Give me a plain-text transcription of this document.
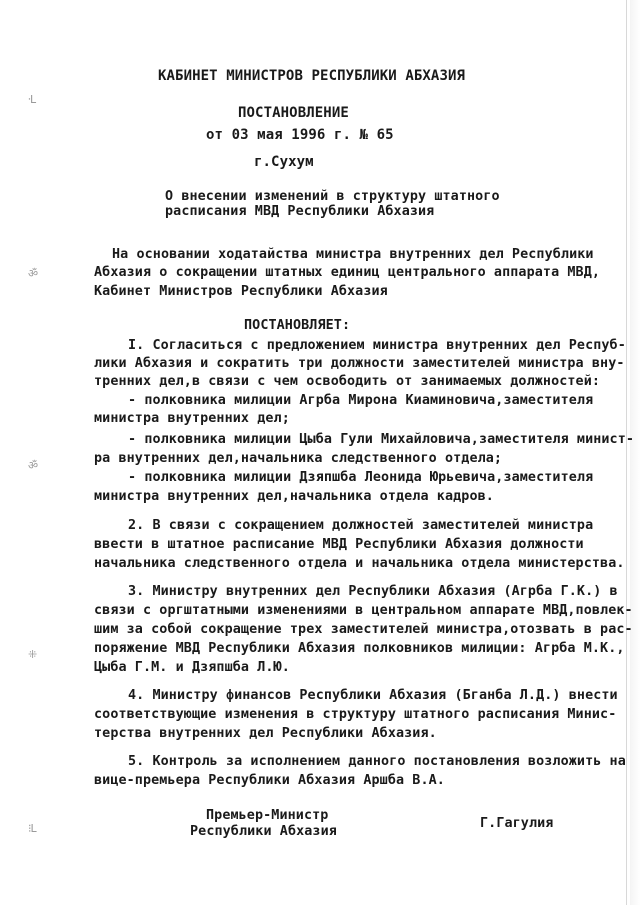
⸱ᒪ
ॐ
ॐ
⁜
⁝ᒪ
КАБИНЕТ МИНИСТРОВ РЕСПУБЛИКИ АБХАЗИЯ
ПОСТАНОВЛЕНИЕ
от 03 мая 1996 г. № 65
г.Сухум
О внесении изменений в структуру штатного
расписания МВД Республики Абхазия
На основании ходатайства министра внутренних дел Республики
Абхазия о сокращении штатных единиц центрального аппарата МВД,
Кабинет Министров Республики Абхазия
ПОСТАНОВЛЯЕТ:
I. Согласиться с предложением министра внутренних дел Респуб-
лики Абхазия и сократить три должности заместителей министра вну-
тренних дел,в связи с чем освободить от занимаемых должностей:
- полковника милиции Агрба Мирона Киаминовича,заместителя
министра внутренних дел;
- полковника милиции Цыба Гули Михайловича,заместителя минист-
ра внутренних дел,начальника следственного отдела;
- полковника милиции Дзяпшба Леонида Юрьевича,заместителя
министра внутренних дел,начальника отдела кадров.
2. В связи с сокращением должностей заместителей министра
ввести в штатное расписание МВД Республики Абхазия должности
начальника следственного отдела и начальника отдела министерства.
3. Министру внутренних дел Республики Абхазия (Агрба Г.К.) в
связи с оргштатными изменениями в центральном аппарате МВД,повлек-
шим за собой сокращение трех заместителей министра,отозвать в рас-
поряжение МВД Республики Абхазия полковников милиции: Агрба М.К.,
Цыба Г.М. и Дзяпшба Л.Ю.
4. Министру финансов Республики Абхазия (Бганба Л.Д.) внести
соответствующие изменения в структуру штатного расписания Минис-
терства внутренних дел Республики Абхазия.
5. Контроль за исполнением данного постановления возложить на
вице-премьера Республики Абхазия Аршба В.А.
Премьер-Министр
Республики Абхазия
Г.Гагулия
